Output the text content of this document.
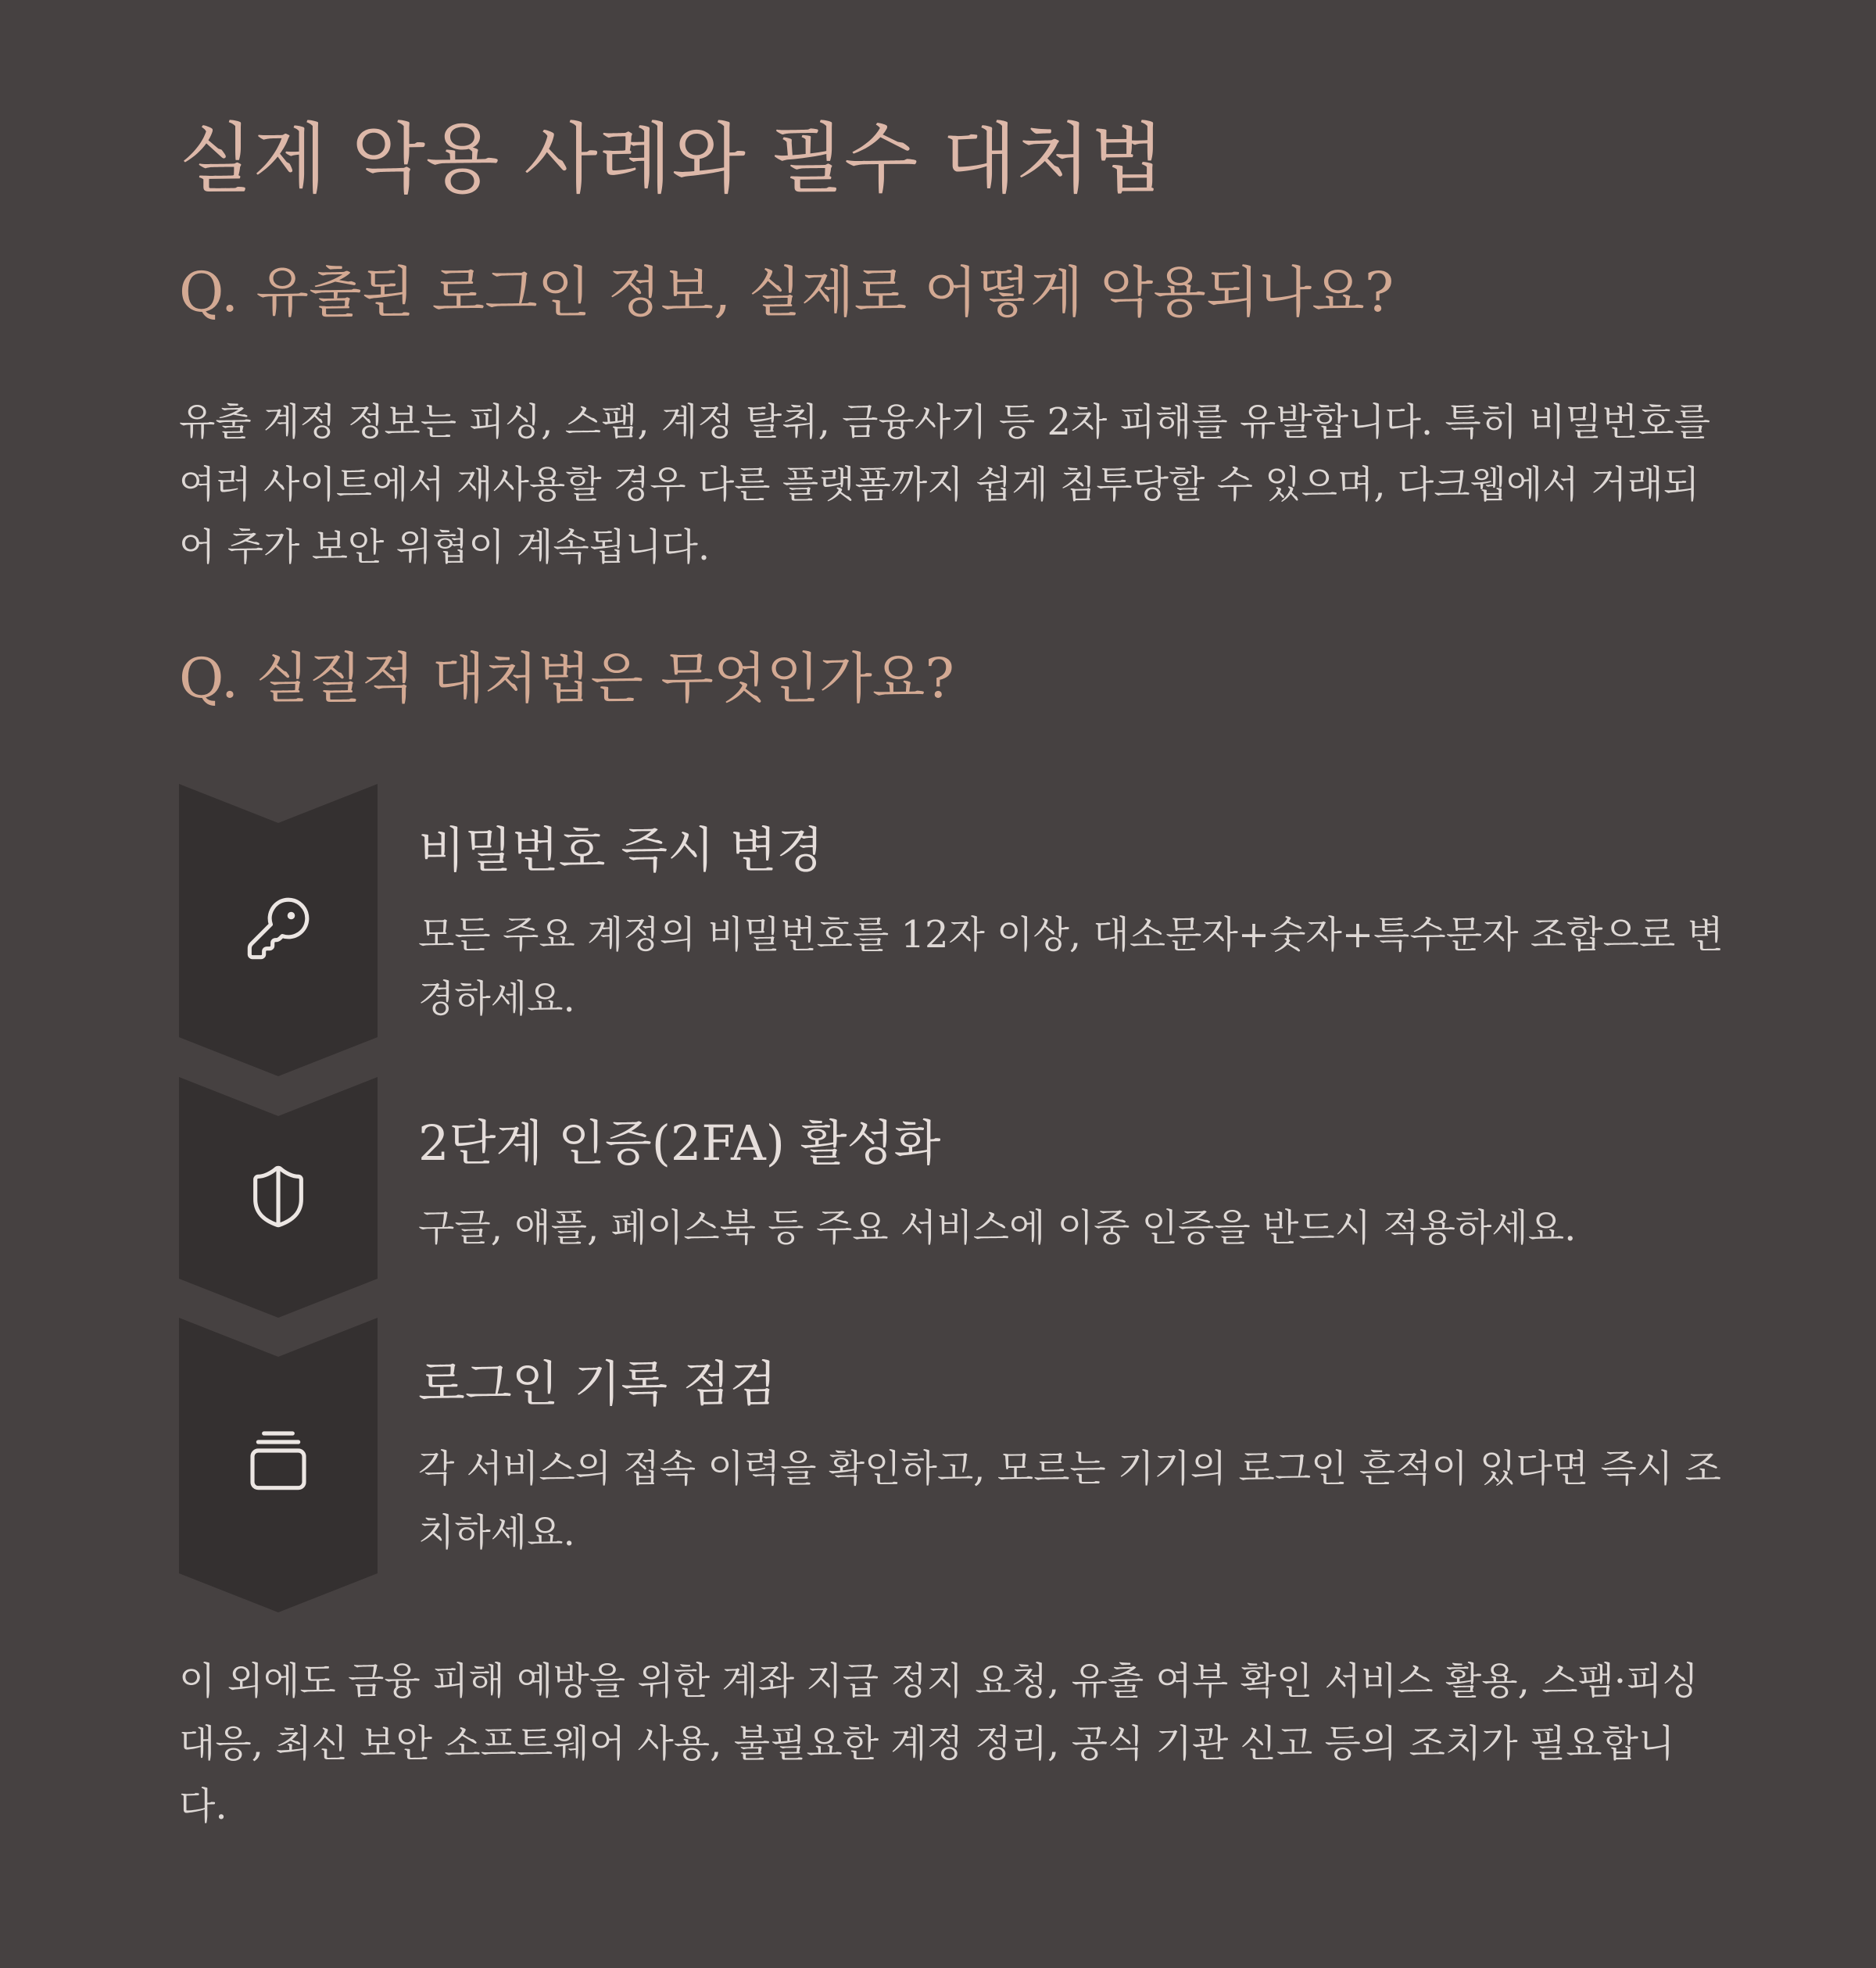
실제 악용 사례와 필수 대처법
Q. 유출된 로그인 정보, 실제로 어떻게 악용되나요?

유출 계정 정보는 피싱, 스팸, 계정 탈취, 금융사기 등 2차 피해를 유발합니다. 특히 비밀번호를 여러 사이트에서 재사용할 경우 다른 플랫폼까지 쉽게 침투당할 수 있으며, 다크웹에서 거래되어 추가 보안 위협이 계속됩니다.

Q. 실질적 대처법은 무엇인가요?
비밀번호 즉시 변경

모든 주요 계정의 비밀번호를 12자 이상, 대소문자+숫자+특수문자 조합으로 변경하세요.

2단계 인증(2FA) 활성화

구글, 애플, 페이스북 등 주요 서비스에 이중 인증을 반드시 적용하세요.

로그인 기록 점검

각 서비스의 접속 이력을 확인하고, 모르는 기기의 로그인 흔적이 있다면 즉시 조치하세요.

이 외에도 금융 피해 예방을 위한 계좌 지급 정지 요청, 유출 여부 확인 서비스 활용, 스팸·피싱 대응, 최신 보안 소프트웨어 사용, 불필요한 계정 정리, 공식 기관 신고 등의 조치가 필요합니다.
